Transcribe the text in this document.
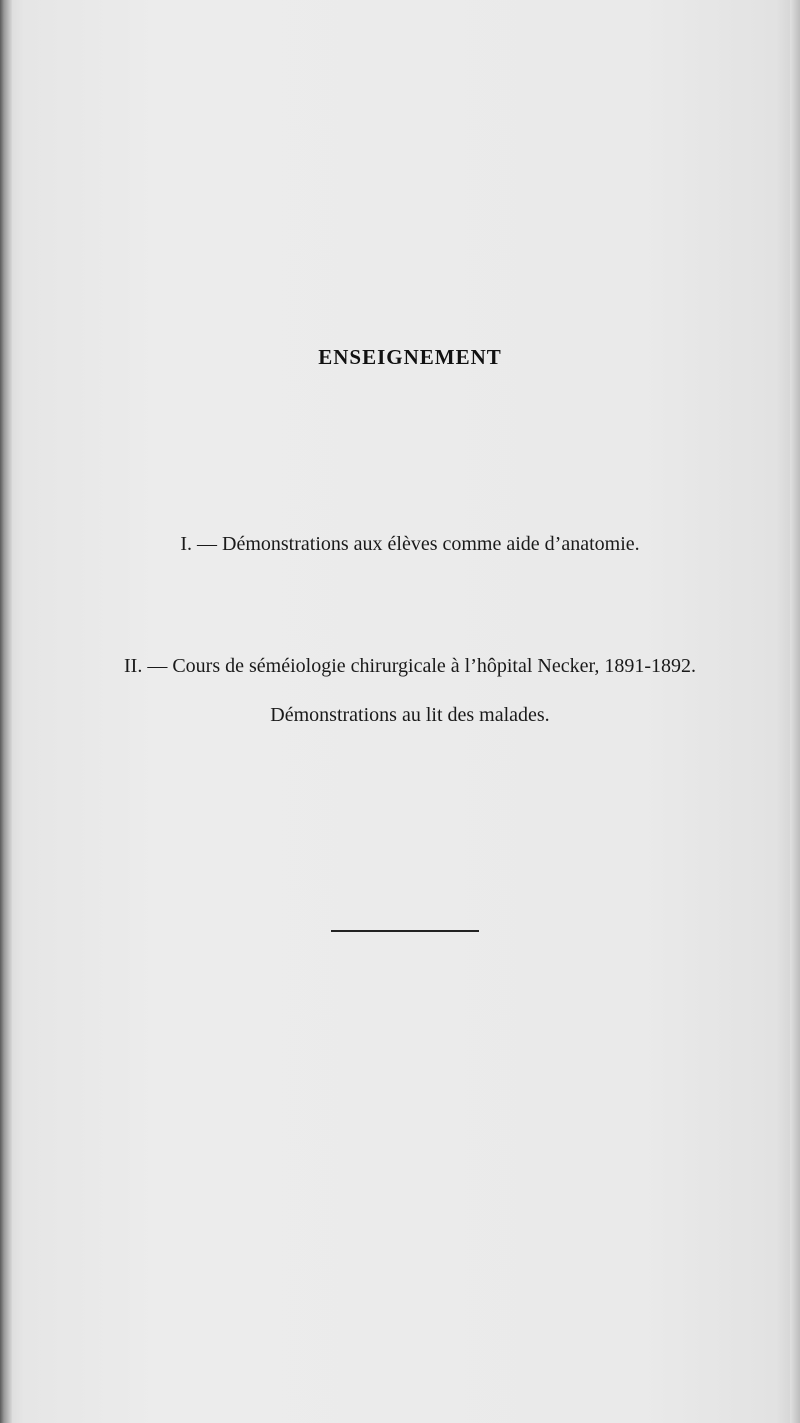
ENSEIGNEMENT
I. — Démonstrations aux élèves comme aide d’anatomie.
II. — Cours de séméiologie chirurgicale à l’hôpital Necker, 1891-1892.
Démonstrations au lit des malades.
